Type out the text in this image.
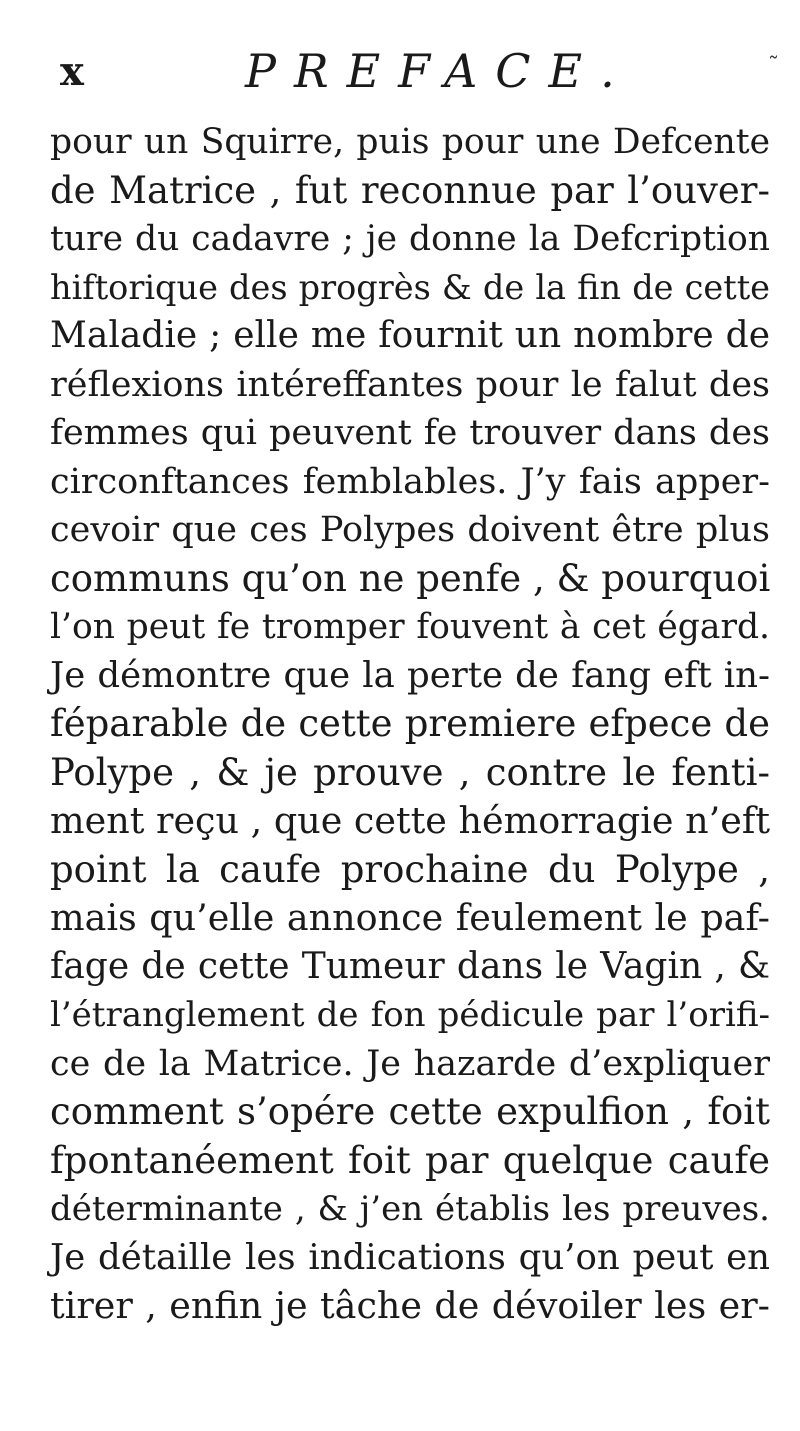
x	PREFACE.	˜
pour un Squirre, puis pour une Defcente
de Matrice , fut reconnue par l’ouver-
ture du cadavre ; je donne la Defcription
hiftorique des progrès & de la fin de cette
Maladie ; elle me fournit un nombre de
réflexions intéreffantes pour le falut des
femmes qui peuvent fe trouver dans des
circonftances femblables. J’y fais apper-
cevoir que ces Polypes doivent être plus
communs qu’on ne penfe , & pourquoi
l’on peut fe tromper fouvent à cet égard.
Je démontre que la perte de fang eft in-
féparable de cette premiere efpece de
Polype , & je prouve , contre le fenti-
ment reçu , que cette hémorragie n’eft
point la caufe prochaine du Polype ,
mais qu’elle annonce feulement le paf-
fage de cette Tumeur dans le Vagin , &
l’étranglement de fon pédicule par l’orifi-
ce de la Matrice. Je hazarde d’expliquer
comment s’opére cette expulfion , foit
fpontanéement foit par quelque caufe
déterminante , & j’en établis les preuves.
Je détaille les indications qu’on peut en
tirer , enfin je tâche de dévoiler les er-
